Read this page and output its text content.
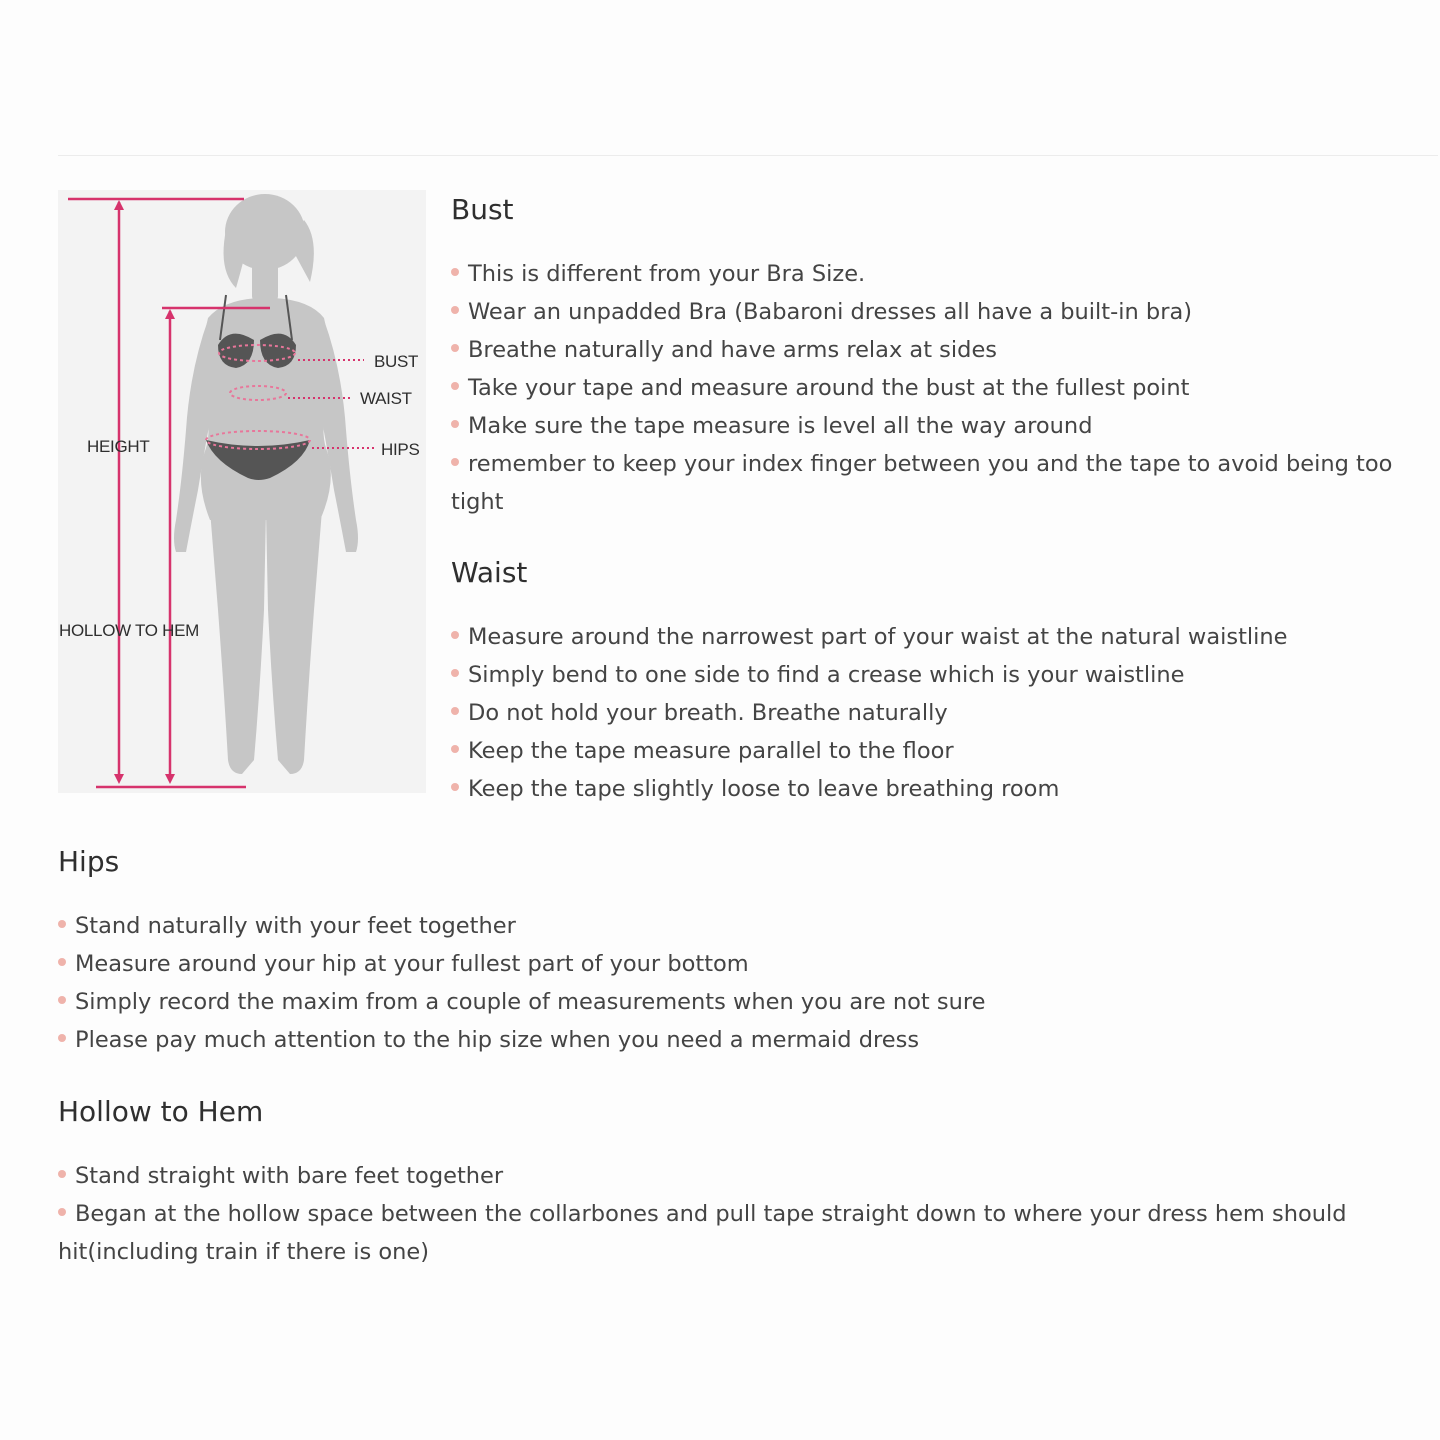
BUST
WAIST
HIPS
HEIGHT
HOLLOW TO HEM
Bust
This is different from your Bra Size.
Wear an unpadded Bra (Babaroni dresses all have a built-in bra)
Breathe naturally and have arms relax at sides
Take your tape and measure around the bust at the fullest point
Make sure the tape measure is level all the way around
remember to keep your index finger between you and the tape to avoid being too tight
Waist
Measure around the narrowest part of your waist at the natural waistline
Simply bend to one side to find a crease which is your waistline
Do not hold your breath. Breathe naturally
Keep the tape measure parallel to the floor
Keep the tape slightly loose to leave breathing room
Hips
Stand naturally with your feet together
Measure around your hip at your fullest part of your bottom
Simply record the maxim from a couple of measurements when you are not sure
Please pay much attention to the hip size when you need a mermaid dress
Hollow to Hem
Stand straight with bare feet together
Began at the hollow space between the collarbones and pull tape straight down to where your dress hem should hit(including train if there is one)
